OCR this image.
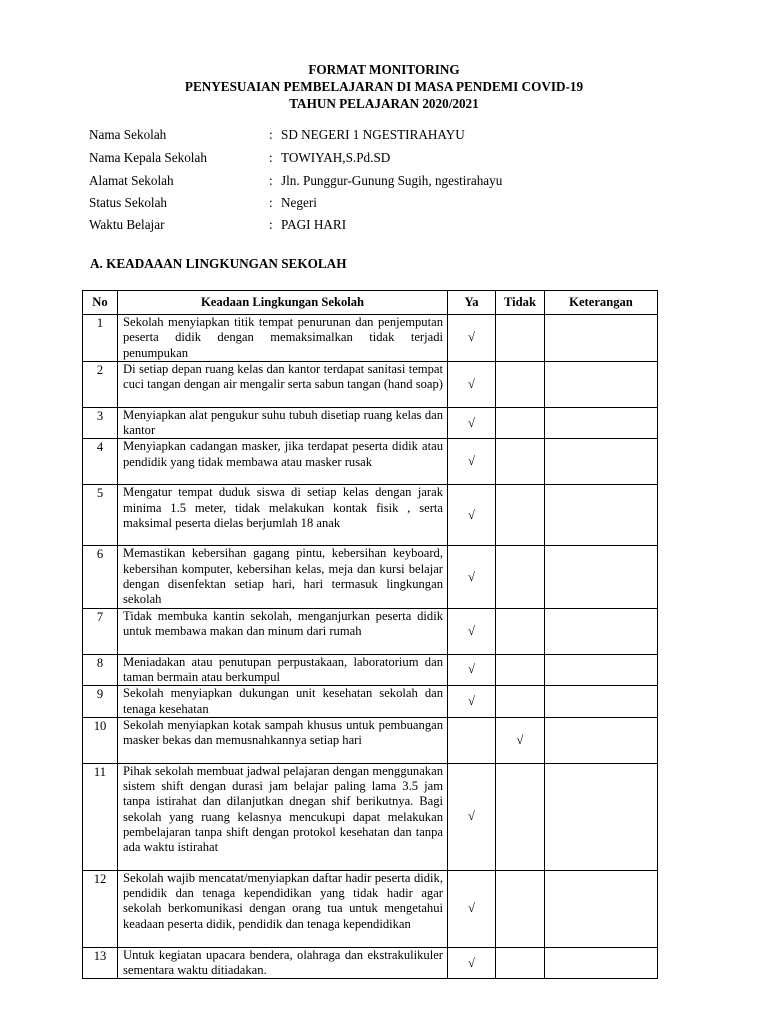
FORMAT MONITORING
PENYESUAIAN PEMBELAJARAN DI MASA PENDEMI COVID-19
TAHUN PELAJARAN 2020/2021
Nama Sekolah	: SD NEGERI 1 NGESTIRAHAYU
Nama Kepala Sekolah	: TOWIYAH,S.Pd.SD
Alamat Sekolah	: Jln. Punggur-Gunung Sugih, ngestirahayu
Status Sekolah	: Negeri
Waktu Belajar	: PAGI HARI
A. KEADAAAN LINGKUNGAN SEKOLAH
No	Keadaan Lingkungan Sekolah	Ya	Tidak	Keterangan
1	Sekolah menyiapkan titik tempat penurunan dan penjemputan peserta didik dengan memaksimalkan tidak terjadi penumpukan	√		
2	Di setiap depan ruang kelas dan kantor terdapat sanitasi tempat cuci tangan dengan air mengalir serta sabun tangan (hand soap)	√		
3	Menyiapkan alat pengukur suhu tubuh disetiap ruang kelas dan kantor	√		
4	Menyiapkan cadangan masker, jika terdapat peserta didik atau pendidik yang tidak membawa atau masker rusak	√		
5	Mengatur tempat duduk siswa di setiap kelas dengan jarak minima 1.5 meter, tidak melakukan kontak fisik , serta maksimal peserta dielas berjumlah 18 anak	√		
6	Memastikan kebersihan gagang pintu, kebersihan keyboard, kebersihan komputer, kebersihan kelas, meja dan kursi belajar dengan disenfektan setiap hari, hari termasuk lingkungan sekolah	√		
7	Tidak membuka kantin sekolah, menganjurkan peserta didik untuk membawa makan dan minum dari rumah	√		
8	Meniadakan atau penutupan perpustakaan, laboratorium dan taman bermain atau berkumpul	√		
9	Sekolah menyiapkan dukungan unit kesehatan sekolah dan tenaga kesehatan	√		
10	Sekolah menyiapkan kotak sampah khusus untuk pembuangan masker bekas dan memusnahkannya setiap hari		√	
11	Pihak sekolah membuat jadwal pelajaran dengan menggunakan sistem shift dengan durasi jam belajar paling lama 3.5 jam tanpa istirahat dan dilanjutkan dnegan shif berikutnya. Bagi sekolah yang ruang kelasnya mencukupi dapat melakukan pembelajaran tanpa shift dengan protokol kesehatan dan tanpa ada waktu istirahat	√		
12	Sekolah wajib mencatat/menyiapkan daftar hadir peserta didik, pendidik dan tenaga kependidikan yang tidak hadir agar sekolah berkomunikasi dengan orang tua untuk mengetahui keadaan peserta didik, pendidik dan tenaga kependidikan	√		
13	Untuk kegiatan upacara bendera, olahraga dan ekstrakulikuler sementara waktu ditiadakan.	√		
